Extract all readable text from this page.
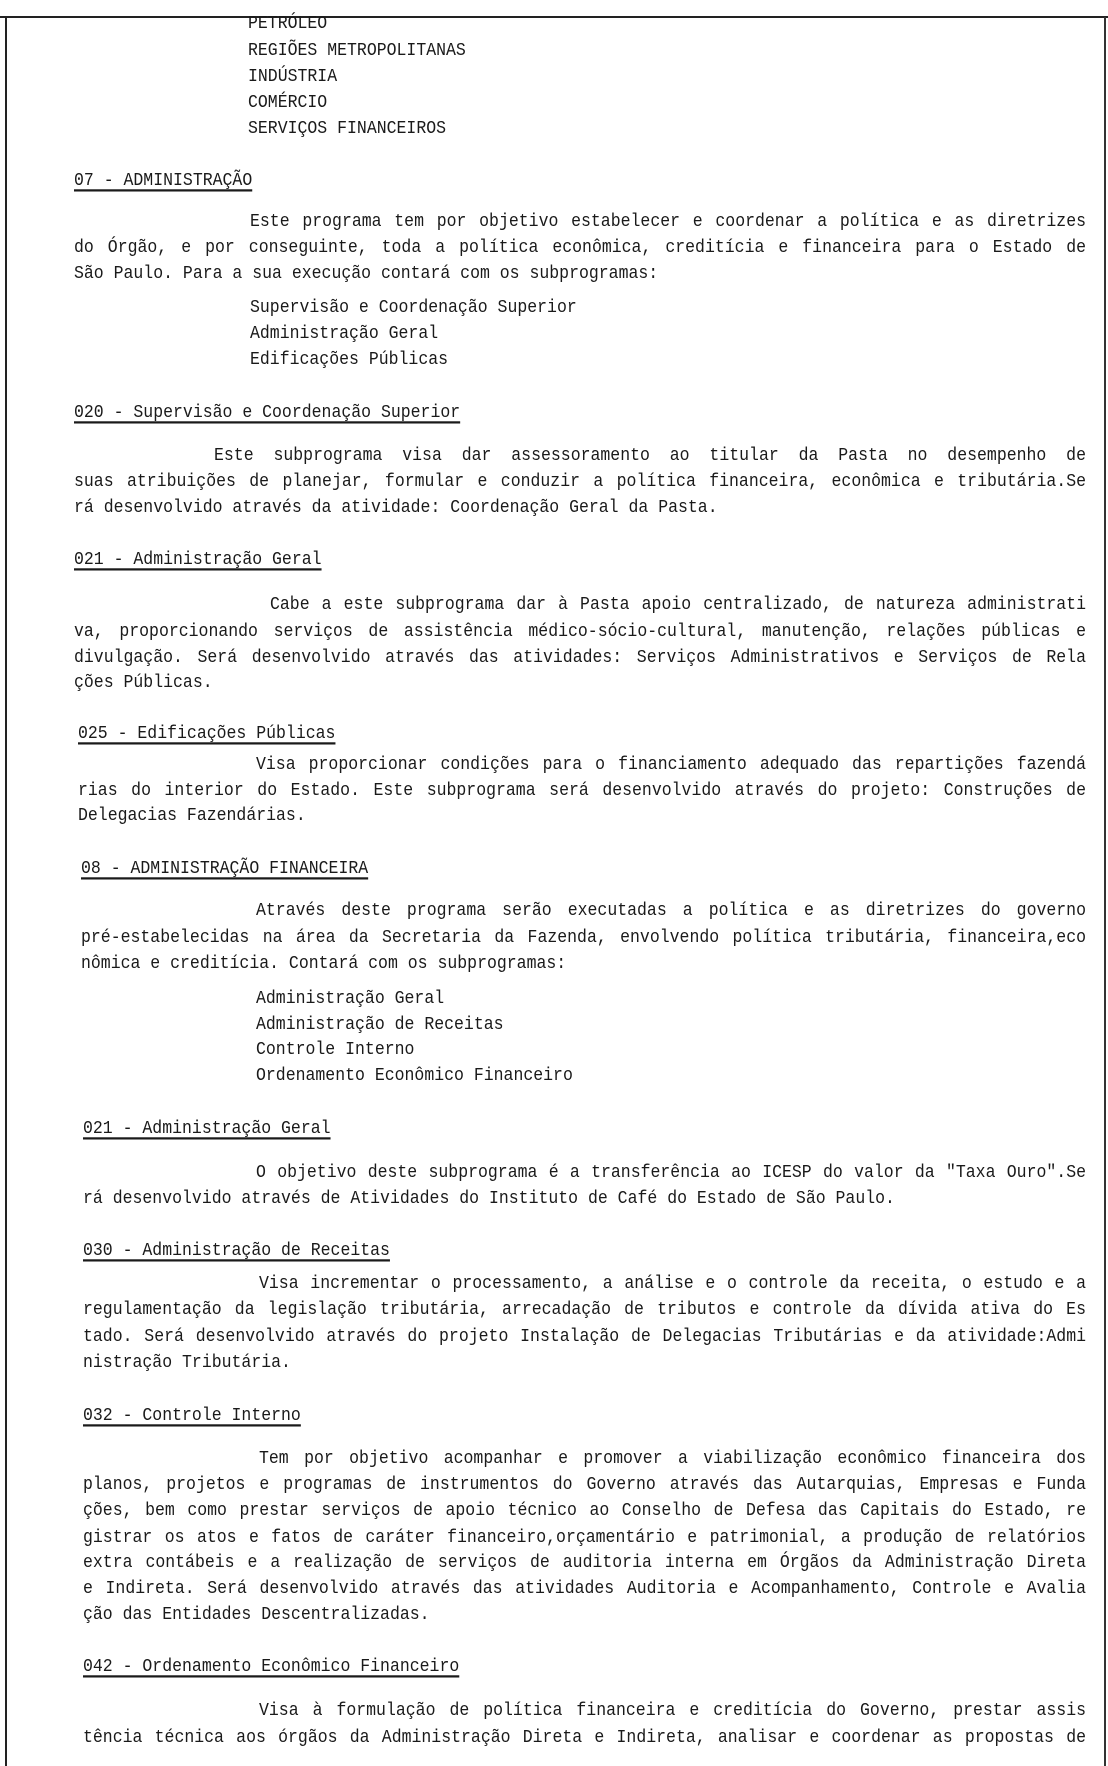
PETRÓLEO
REGIÕES METROPOLITANAS
INDÚSTRIA
COMÉRCIO
SERVIÇOS FINANCEIROS
07 - ADMINISTRAÇÃO
Este programa tem por objetivo estabelecer e coordenar a política e as diretrizes
do Órgão, e por conseguinte, toda a política econômica, creditícia e financeira para o Estado de
São Paulo. Para a sua execução contará com os subprogramas:
Supervisão e Coordenação Superior
Administração Geral
Edificações Públicas
020 - Supervisão e Coordenação Superior
Este subprograma visa dar assessoramento ao titular da Pasta no desempenho de
suas atribuições de planejar, formular e conduzir a política financeira, econômica e tributária.Se
rá desenvolvido através da atividade: Coordenação Geral da Pasta.
021 - Administração Geral
Cabe a este subprograma dar à Pasta apoio centralizado, de natureza administrati
va, proporcionando serviços de assistência médico-sócio-cultural, manutenção, relações públicas e
divulgação. Será desenvolvido através das atividades: Serviços Administrativos e Serviços de Rela
ções Públicas.
025 - Edificações Públicas
Visa proporcionar condições para o financiamento adequado das repartições fazendá
rias do interior do Estado. Este subprograma será desenvolvido através do projeto: Construções de
Delegacias Fazendárias.
08 - ADMINISTRAÇÃO FINANCEIRA
Através deste programa serão executadas a política e as diretrizes do governo
pré-estabelecidas na área da Secretaria da Fazenda, envolvendo política tributária, financeira,eco
nômica e creditícia. Contará com os subprogramas:
Administração Geral
Administração de Receitas
Controle Interno
Ordenamento Econômico Financeiro
021 - Administração Geral
O objetivo deste subprograma é a transferência ao ICESP do valor da "Taxa Ouro".Se
rá desenvolvido através de Atividades do Instituto de Café do Estado de São Paulo.
030 - Administração de Receitas
Visa incrementar o processamento, a análise e o controle da receita, o estudo e a
regulamentação da legislação tributária, arrecadação de tributos e controle da dívida ativa do Es
tado. Será desenvolvido através do projeto Instalação de Delegacias Tributárias e da atividade:Admi
nistração Tributária.
032 - Controle Interno
Tem por objetivo acompanhar e promover a viabilização econômico financeira dos
planos, projetos e programas de instrumentos do Governo através das Autarquias, Empresas e Funda
ções, bem como prestar serviços de apoio técnico ao Conselho de Defesa das Capitais do Estado, re
gistrar os atos e fatos de caráter financeiro,orçamentário e patrimonial, a produção de relatórios
extra contábeis e a realização de serviços de auditoria interna em Órgãos da Administração Direta
e Indireta. Será desenvolvido através das atividades Auditoria e Acompanhamento, Controle e Avalia
ção das Entidades Descentralizadas.
042 - Ordenamento Econômico Financeiro
Visa à formulação de política financeira e creditícia do Governo, prestar assis
tência técnica aos órgãos da Administração Direta e Indireta, analisar e coordenar as propostas de
